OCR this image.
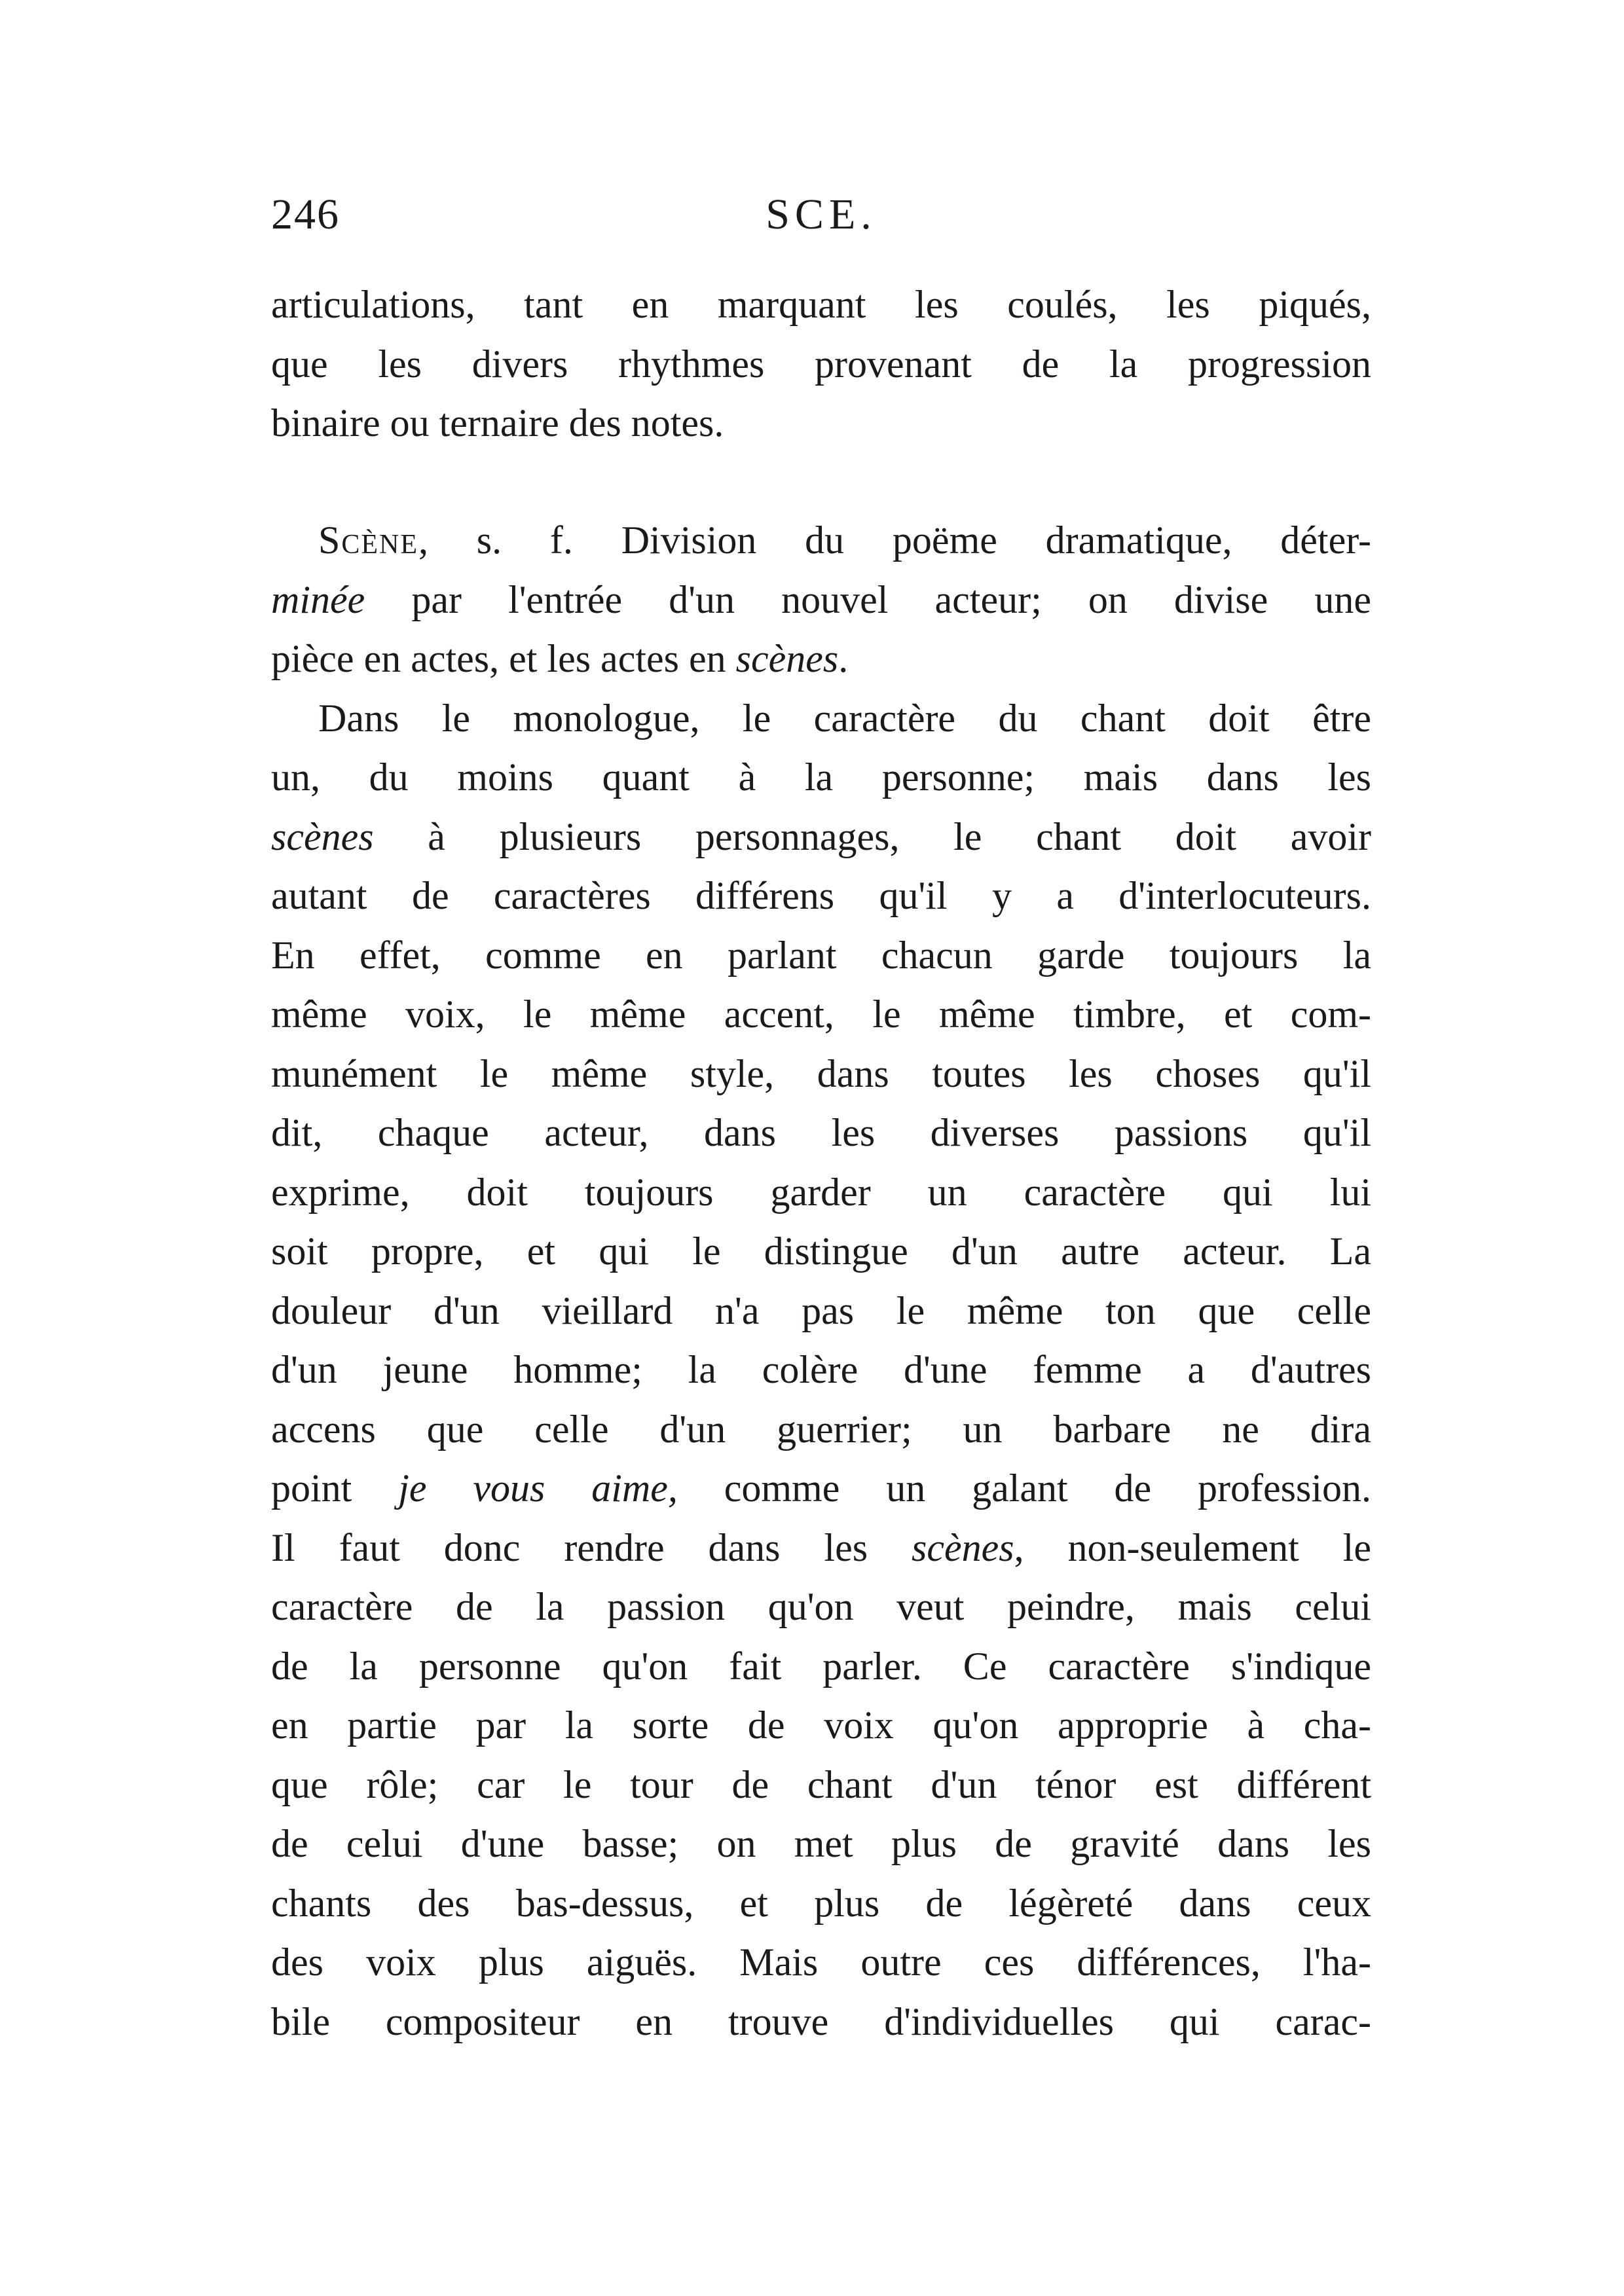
246	SCE.
articulations, tant en marquant les coulés, les piqués,
que les divers rhythmes provenant de la progression
binaire ou ternaire des notes.
Scène, s. f. Division du poëme dramatique, déter-
minée par l'entrée d'un nouvel acteur; on divise une
pièce en actes, et les actes en scènes.
Dans le monologue, le caractère du chant doit être
un, du moins quant à la personne; mais dans les
scènes à plusieurs personnages, le chant doit avoir
autant de caractères différens qu'il y a d'interlocuteurs.
En effet, comme en parlant chacun garde toujours la
même voix, le même accent, le même timbre, et com-
munément le même style, dans toutes les choses qu'il
dit, chaque acteur, dans les diverses passions qu'il
exprime, doit toujours garder un caractère qui lui
soit propre, et qui le distingue d'un autre acteur. La
douleur d'un vieillard n'a pas le même ton que celle
d'un jeune homme; la colère d'une femme a d'autres
accens que celle d'un guerrier; un barbare ne dira
point je vous aime, comme un galant de profession.
Il faut donc rendre dans les scènes, non-seulement le
caractère de la passion qu'on veut peindre, mais celui
de la personne qu'on fait parler. Ce caractère s'indique
en partie par la sorte de voix qu'on approprie à cha-
que rôle; car le tour de chant d'un ténor est différent
de celui d'une basse; on met plus de gravité dans les
chants des bas-dessus, et plus de légèreté dans ceux
des voix plus aiguës. Mais outre ces différences, l'ha-
bile compositeur en trouve d'individuelles qui carac-
